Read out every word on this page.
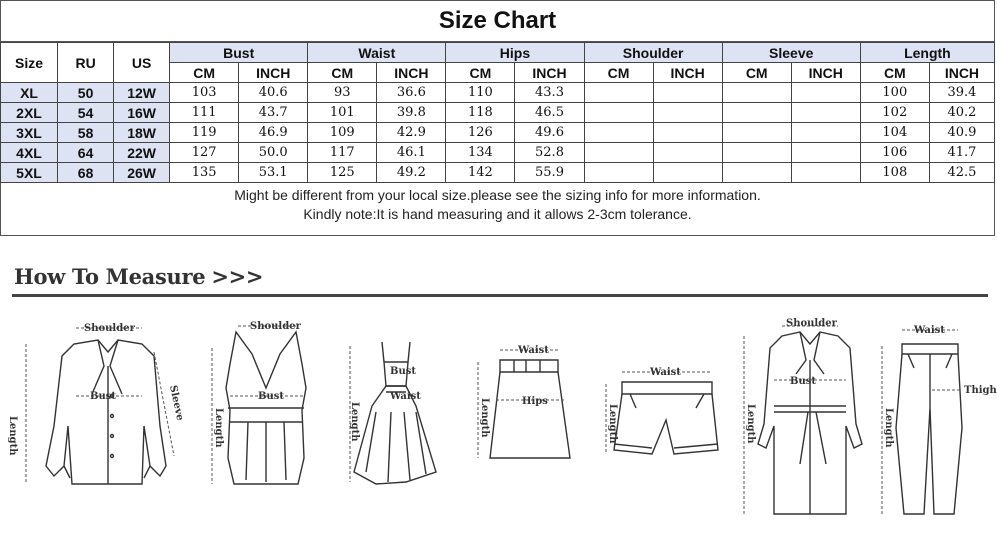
Size Chart
Size	RU	US	Bust		Waist		Hips		Shoulder		Sleeve		Length	
			CM	INCH	CM	INCH	CM	INCH	CM	INCH	CM	INCH	CM	INCH
XL	50	12W	103	40.6	93	36.6	110	43.3					100	39.4
2XL	54	16W	111	43.7	101	39.8	118	46.5					102	40.2
3XL	58	18W	119	46.9	109	42.9	126	49.6					104	40.9
4XL	64	22W	127	50.0	117	46.1	134	52.8					106	41.7
5XL	68	26W	135	53.1	125	49.2	142	55.9					108	42.5
Might be different from your local size.please see the sizing info for more information.
Kindly note:It is hand measuring and it allows 2-3cm tolerance.
How To Measure >>>
Shoulder
Bust
Length
Sleeve
Shoulder
Bust
Length
Bust
Waist
Length
Waist
Hips
Length
Waist
Length
Shoulder
Bust
Length
Waist
Thigh
Length
